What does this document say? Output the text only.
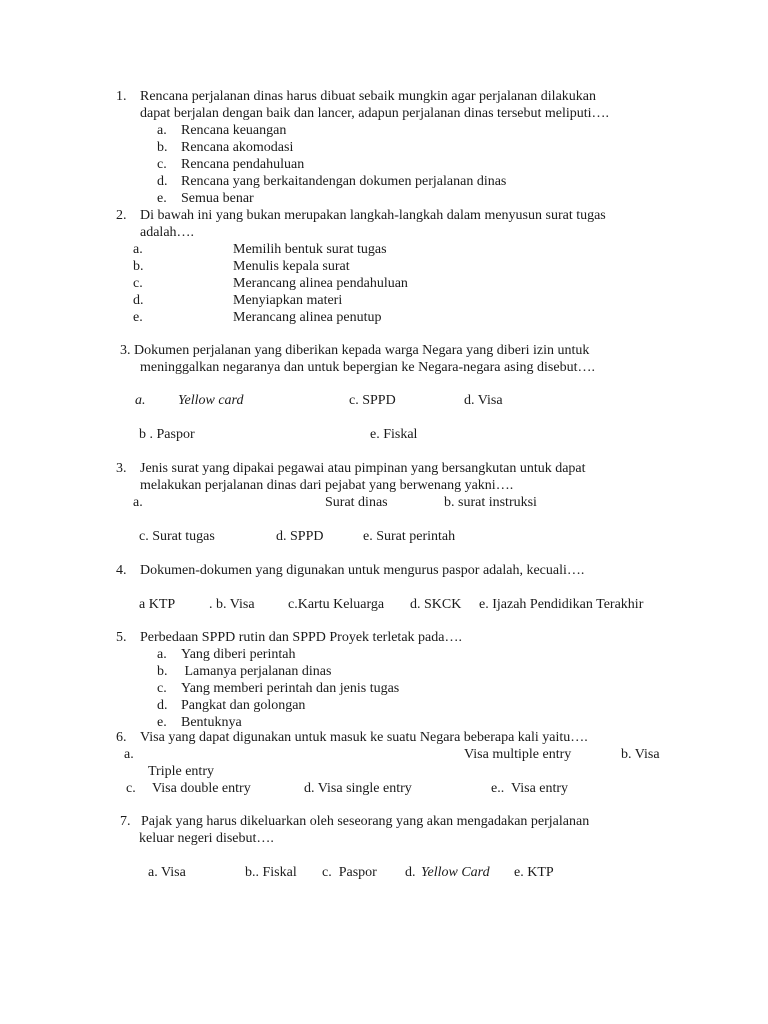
1. Rencana perjalanan dinas harus dibuat sebaik mungkin agar perjalanan dilakukan
dapat berjalan dengan baik dan lancer, adapun perjalanan dinas tersebut meliputi….
a. Rencana keuangan
b. Rencana akomodasi
c. Rencana pendahuluan
d. Rencana yang berkaitandengan dokumen perjalanan dinas
e. Semua benar
2. Di bawah ini yang bukan merupakan langkah-langkah dalam menyusun surat tugas
adalah….
a.	Memilih bentuk surat tugas
b.	Menulis kepala surat
c.	Merancang alinea pendahuluan
d.	Menyiapkan materi
e.	Merancang alinea penutup
3. Dokumen perjalanan yang diberikan kepada warga Negara yang diberi izin untuk
meninggalkan negaranya dan untuk bepergian ke Negara-negara asing disebut….
a. Yellow card	c. SPPD	d. Visa
b . Paspor	e. Fiskal
3. Jenis surat yang dipakai pegawai atau pimpinan yang bersangkutan untuk dapat
melakukan perjalanan dinas dari pejabat yang berwenang yakni….
a.	Surat dinas	b. surat instruksi
c. Surat tugas	d. SPPD	e. Surat perintah
4. Dokumen-dokumen yang digunakan untuk mengurus paspor adalah, kecuali….
a KTP . b. Visa c.Kartu Keluarga d. SKCK e. Ijazah Pendidikan Terakhir
5. Perbedaan SPPD rutin dan SPPD Proyek terletak pada….
a. Yang diberi perintah
b. Lamanya perjalanan dinas
c. Yang memberi perintah dan jenis tugas
d. Pangkat dan golongan
e. Bentuknya
6. Visa yang dapat digunakan untuk masuk ke suatu Negara beberapa kali yaitu….
a.	Visa multiple entry	b. Visa
Triple entry
c. Visa double entry	d. Visa single entry	e..  Visa entry
7.   Pajak yang harus dikeluarkan oleh seseorang yang akan mengadakan perjalanan
keluar negeri disebut….
a. Visa	b.. Fiskal c.  Paspor d. Yellow Card e. KTP
